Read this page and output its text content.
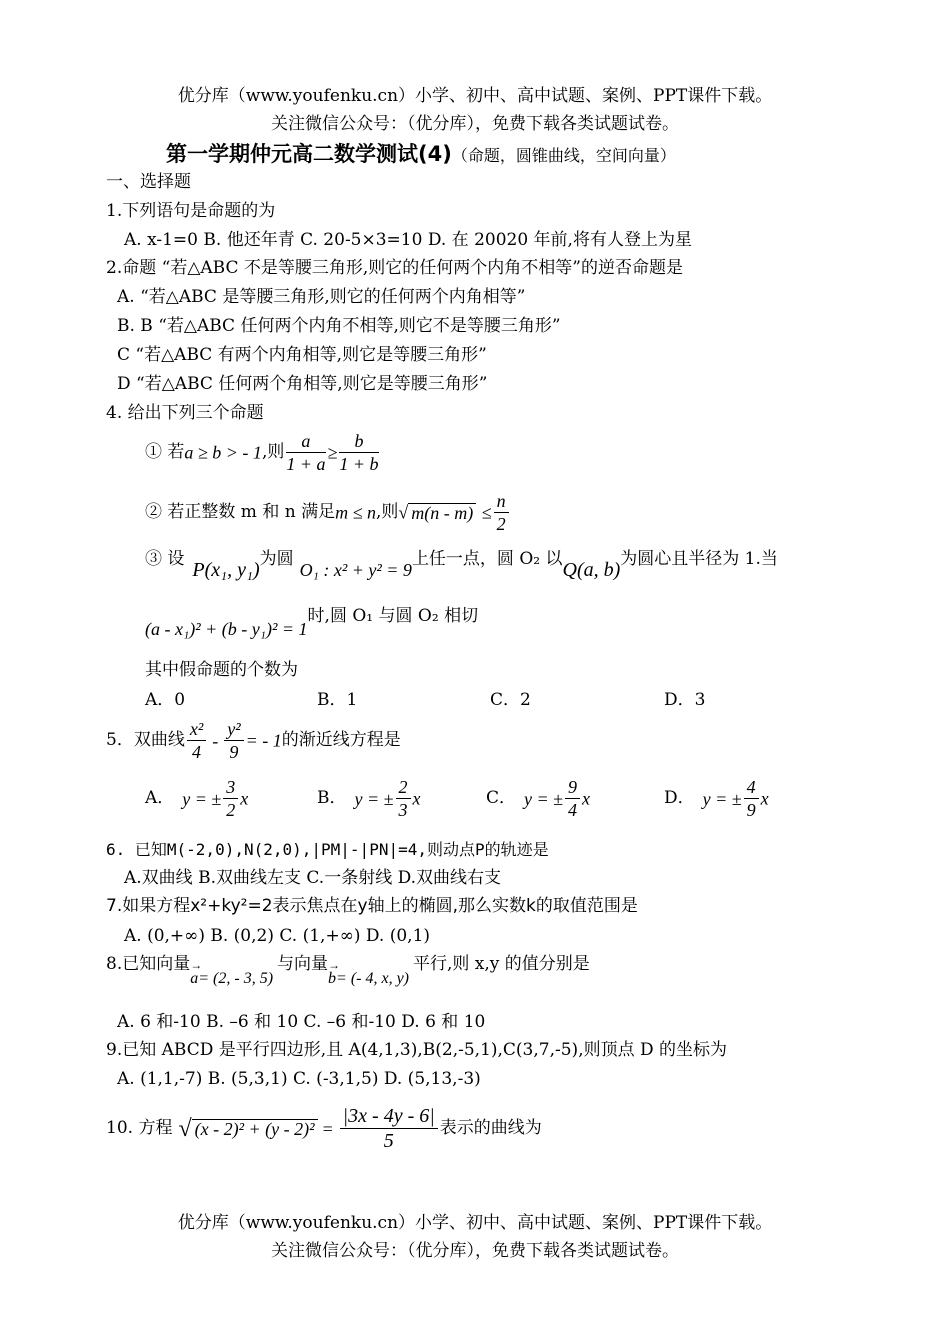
优分库（www.youfenku.cn）小学、初中、高中试题、案例、PPT课件下载。
关注微信公众号：（优分库），免费下载各类试题试卷。
第一学期仲元高二数学测试(4)（命题，圆锥曲线，空间向量）
一、选择题
1.下列语句是命题的为
A. x-1=0 B. 他还年青 C. 20-5×3=10 D. 在 20020 年前,将有人登上为星
2.命题 “若△ABC 不是等腰三角形,则它的任何两个内角不相等”的逆否命题是
A. “若△ABC 是等腰三角形,则它的任何两个内角相等”
B. B “若△ABC 任何两个内角不相等,则它不是等腰三角形”
C “若△ABC 有两个内角相等,则它是等腰三角形”
D “若△ABC 任何两个角相等,则它是等腰三角形”
4. 给出下列三个命题
① 若a ≥ b > - 1,则 $\frac{a}{1 + a} \ge \frac{b}{1 + b}$
② 若正整数 m 和 n 满足m ≤ n,则√ $m(n - m) \le \frac{n}{2}$
③ 设 P(x₁, y₁)为圆O₁ : x² + y² = 9上任一点，圆 O₂ 以Q(a, b)为圆心且半径为 1.当
(a - x₁)² + (b - y₁)² = 1时,圆 O₁ 与圆 O₂ 相切
其中假命题的个数为
A．0	B．1	C．2	D．3
5．双曲线 $\frac{\text{x²}}{4} - \frac{\text{y²}}{9}$ = - 1的渐近线方程是
A． y = ± $\frac{3}{2}$ x	B． y = ± $\frac{2}{3}$ x	C． y = ± $\frac{9}{4}$ x	D． y = ± $\frac{4}{9}$ x
6. 已知M(-2,0),N(2,0),|PM|-|PN|=4,则动点P的轨迹是
A.双曲线 B.双曲线左支 C.一条射线 D.双曲线右支
7.如果方程x²+ky²=2表示焦点在y轴上的椭圆,那么实数k的取值范围是
A. (0,+∞) B. (0,2) C. (1,+∞) D. (0,1)
8.已知向量→ a= (2, - 3, 5)与向量→ b= (- 4, x, y)平行,则 x,y 的值分别是
A. 6 和-10 B. –6 和 10 C. –6 和-10 D. 6 和 10
9.已知 ABCD 是平行四边形,且 A(4,1,3),B(2,-5,1),C(3,7,-5),则顶点 D 的坐标为
A. (1,1,-7) B. (5,3,1) C. (-3,1,5) D. (5,13,-3)
10. 方程 √ $(x - 2)^2 + (y - 2)^2 = \frac{|3x - 4y - 6|}{5}$ 表示的曲线为
优分库（www.youfenku.cn）小学、初中、高中试题、案例、PPT课件下载。
关注微信公众号：（优分库），免费下载各类试题试卷。
